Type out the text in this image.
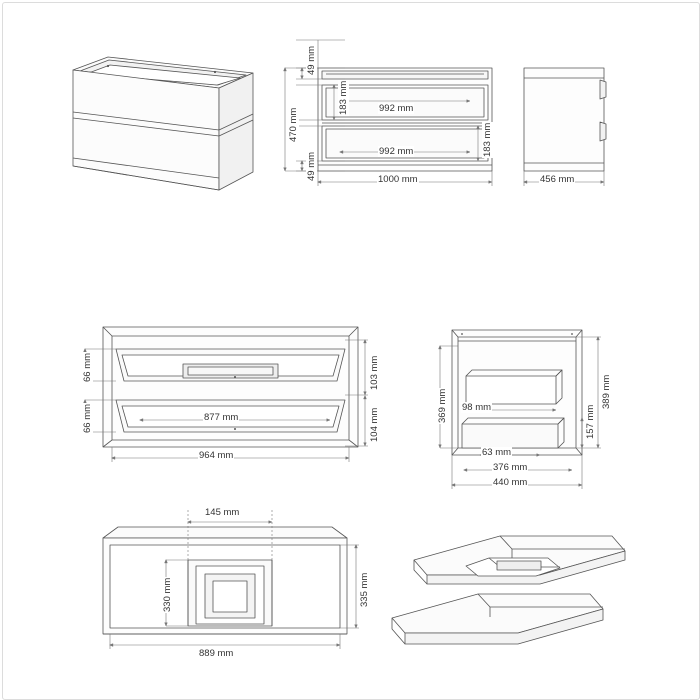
49 mm
183 mm	992 mm
992 mm	183 mm
49 mm
470 mm
1000 mm	456 mm
66 mm
66 mm
103 mm
104 mm
877 mm
964 mm
369 mm	389 mm
157 mm
98 mm
63 mm
376 mm
440 mm
145 mm
330 mm	335 mm
889 mm
